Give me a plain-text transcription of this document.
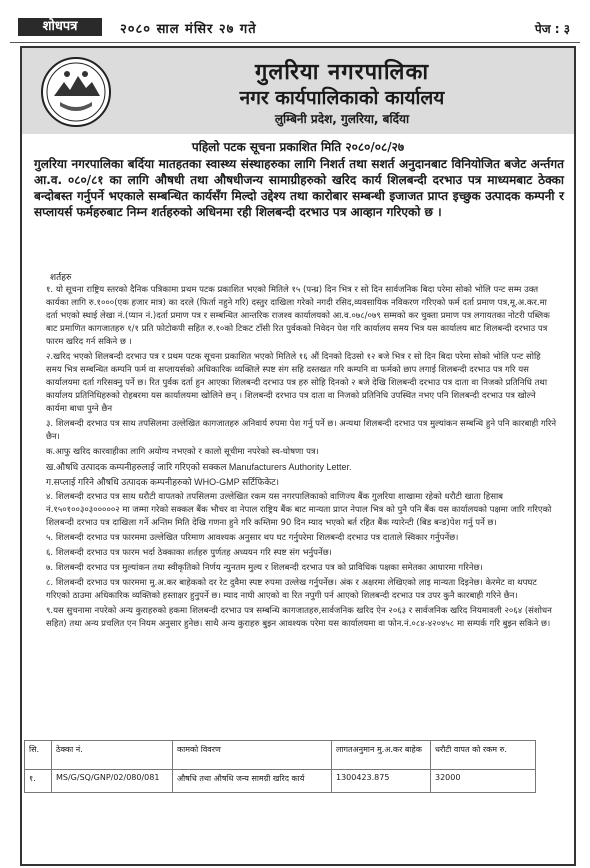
शोधपत्र	२०८० साल मंसिर २७ गते	पेज : ३
गुलरिया नगरपालिका
नगर कार्यपालिकाको कार्यालय
लुम्बिनी प्रदेश, गुलरिया, बर्दिया
पहिलो पटक सूचना प्रकाशित मिति २०८०/०८/२७
गुलरिया नगरपालिका बर्दिया मातहतका स्वास्थ्य संस्थाहरुका लागि निशर्त तथा सशर्त अनुदानबाट विनियोजित बजेट अर्न्तगत आ.व. ०८०/८१ का लागि औषधी तथा औषधीजन्य सामाग्रीहरुको खरिद कार्य शिलबन्दी दरभाउ पत्र माध्यमबाट ठेक्का बन्दोबस्त गर्नुपर्ने भएकाले सम्बन्धित कार्यसँग मिल्दो उद्देश्य तथा कारोबार सम्बन्धी इजाजत प्राप्त इच्छुक उत्पादक कम्पनी र सप्लायर्स फर्महरुबाट निम्न शर्तहरुको अधिनमा रही शिलबन्दी दरभाउ पत्र आव्हान गरिएको छ ।
शर्तहरु

१. यो सूचना राष्ट्रिय स्तरको दैनिक पत्रिकामा प्रथम पटक प्रकाशित भएको मितिले १५ (पन्ध्र) दिन भित्र र सो दिन सार्वजनिक बिदा परेमा सोको भोलि पन्ट सम्म उक्त कार्यका लागि रु.१०००(एक हजार मात्र) का दरले (फिर्ता नहुने गरि) दस्तुर दाखिला गरेको नगदी रसिद,व्यवसायिक नविकरण गरिएको फर्म दर्ता प्रमाण पत्र,मू.अ.कर.मा दर्ता भएको स्थाई लेखा नं.(प्यान नं.)दर्ता प्रमाण पत्र र सम्बन्धित आन्तरिक राजश्व कार्यालयको आ.व.०७८/०७९ सम्मको कर चुक्ता प्रमाण पत्र लगायतका नोटरी पब्लिक बाट प्रमाणित कागजातहरु १/१ प्रति फोटोकपी सहित रु.१०को टिकट टाँसी रित पुर्वकको निवेदन पेश गरि कार्यालय समय भित्र यस कार्यालय बाट शिलबन्दी दरभाउ पत्र फारम खरिद गर्न सकिने छ ।

२.खरिद भएको शिलबन्दी दरभाउ पत्र र प्रथम पटक सूचना प्रकाशित भएको मितिले १६ औं दिनको दिउसो १२ बजे भित्र र सो दिन बिदा परेमा सोको भोलि पन्ट सोहि समय भित्र सम्बन्धित कम्पनि फर्म वा सप्लायर्सको अधिकारिक व्यक्तिले स्पष्ट संग सहि दस्तखत गरि कम्पनि वा फर्मको छाप लगाई शिलबन्दी दरभाउ पत्र गरि यस कार्यालयमा दर्ता गरिसक्नु पर्ने छ। रित पुर्वक दर्ता हुन आएका शिलबन्दी दरभाउ पत्र हरु सोहि दिनको २ बजे देखि शिलबन्दी दरभाउ पत्र दाता वा निजको प्रतिनिधि तथा कार्यालय प्रतिनिधिहरुको रोहबरमा यस कार्यालयमा खोलिने छन् । शिलबन्दी दरभाउ पत्र दाता वा निजको प्रतिनिधि उपस्थित नभए पनि शिलबन्दी दरभाउ पत्र खोल्ने कार्यमा बाधा पुग्ने छैन

३. शिलबन्दी दरभाउ पत्र साथ तपसिलमा उल्लेखित कागजातहरु अनिवार्य रुपमा पेश गर्नु पर्ने छ। अन्यथा शिलबन्दी दरभाउ पत्र मुल्यांकन सम्बन्धि हुने पनि कारबाही गरिने छैन।

क.आफु खरिद कारवाहीका लागि अयोग्य नभएको र कालो सूचीमा नपरेको स्व-घोषणा पत्र।

ख.औषधि उत्पादक कम्पनीहरुलाई जारि गरिएको सक्कल Manufacturers Authority Letter.

ग.सप्लाई गरिने औषधि उत्पादक कम्पनीहरुको WHO-GMP सर्टिफिकेट।

४. शिलबन्दी दरभाउ पत्र साथ धरौटी वापतको तपसिलमा उल्लेखित रकम यस नगरपालिकाको वाणिज्य बैंक गुलरिया शाखामा रहेको धरौटी खाता हिसाब नं.१५०१००३०३०००००२ मा जम्मा गरेको सक्कल बैंक भौचर वा नेपाल राष्ट्रिय बैंक बाट मान्यता प्राप्त नेपाल भित्र को पुनै पनि बैंक यस कार्यालयको पक्षमा जारि गरिएको शिलबन्दी दरभाउ पत्र दाखिला गर्ने अन्तिम मिति देखि गणना हुने गरि कम्तिमा 90 दिन म्याद भएको बर्त रहित बैंक ग्यारेन्टी (बिड बन्ड)पेश गर्नु पर्ने छ।

५. शिलबन्दी दरभाउ पत्र फारममा उल्लेखित परिमाण आवश्यक अनुसार थप घट गर्नुपरेमा शिलबन्दी दरभाउ पत्र दाताले स्विकार गर्नुपर्नेछ।

६. शिलबन्दी दरभाउ पत्र फारम भर्दा ठेक्काका शर्तहरु पुर्णतह अध्ययन गरि स्पष्ट संग भर्नुपर्नेछ।

७. शिलबन्दी दरभाउ पत्र मुल्यांकन तथा स्वीकृतिको निर्णय न्युनतम मुल्य र शिलबन्दी दरभाउ पत्र को प्राविधिक पक्षका समेतका आधारमा गरिनेछ।

८. शिलबन्दी दरभाउ पत्र फारममा मु.अ.कर बाहेकको दर रेट दुवैमा स्पष्ट रुपमा उल्लेख गर्नुपर्नेछ। अंक र अक्षरमा लेखिएको लाइ मान्यता दिइनेछ। केरमेट वा थपघट गरिएको ठाउमा अधिकारिक व्यक्तिको हस्ताक्षर हुनुपर्ने छ। म्याद नाघी आएको वा रित नपुगी पर्न आएको शिलबन्दी दरभाउ पत्र उपर कुनै कारबाही गरिने छैन।

९.यस सुचनामा नपरेको अन्य कुराहरुको हकमा शिलबन्दी दरभाउ पत्र सम्बन्धि कागजातहरु,सार्वजनिक खरिद ऐन २०६३ र सार्वजनिक खरिद नियमावली २०६४ (संशोधन सहित) तथा अन्य प्रचलित एन नियम अनुसार हुनेछ। साथै अन्य कुराहरु बुझ्न आवश्यक परेमा यस कार्यालयमा वा फोन.नं.०८४-४२०४५८ मा सम्पर्क गरि बुझ्न सकिने छ।

सि.	ठेक्का नं.	कामको विवरण	लागतअनुमान मु.अ.कर बाहेक	धरौटी वापत को रकम रु.
१.	MS/G/SQ/GNP/02/080/081	औषधि तथा औषधि जन्य सामग्री खरिद कार्य	1300423.875	32000
